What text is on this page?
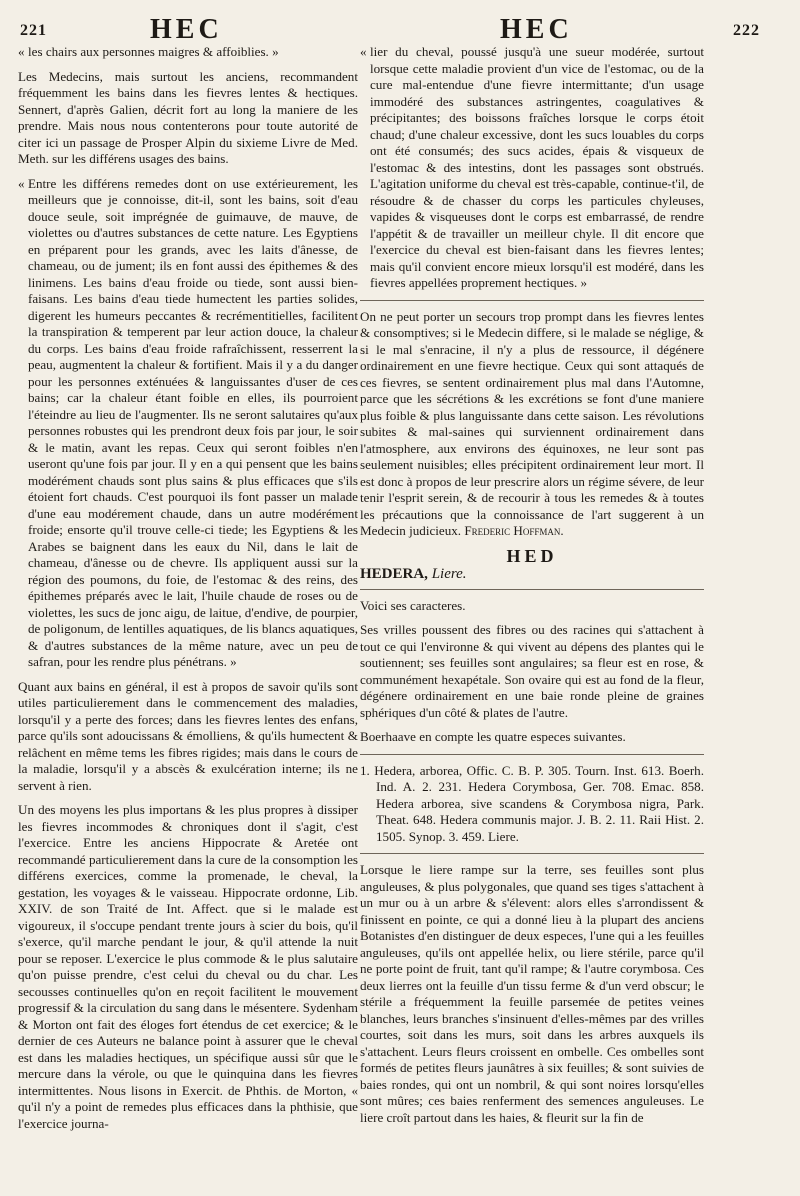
221	HEC	HEC	222

« les chairs aux personnes maigres & affoiblies. »

Les Medecins, mais surtout les anciens, recommandent fréquemment les bains dans les fievres lentes & hectiques. Sennert, d'après Galien, décrit fort au long la maniere de les prendre. Mais nous nous contenterons pour toute autorité de citer ici un passage de Prosper Alpin du sixieme Livre de Med. Meth. sur les différens usages des bains.

« Entre les différens remedes dont on use extérieurement, les meilleurs que je connoisse, dit-il, sont les bains, soit d'eau douce seule, soit imprégnée de guimauve, de mauve, de violettes ou d'autres substances de cette nature. Les Egyptiens en préparent pour les grands, avec les laits d'ânesse, de chameau, ou de jument; ils en font aussi des épithemes & des linimens. Les bains d'eau froide ou tiede, sont aussi bien-faisans. Les bains d'eau tiede humectent les parties solides, digerent les humeurs peccantes & recrémentitielles, facilitent la transpiration & temperent par leur action douce, la chaleur du corps. Les bains d'eau froide rafraîchissent, resserrent la peau, augmentent la chaleur & fortifient. Mais il y a du danger pour les personnes exténuées & languissantes d'user de ces bains; car la chaleur étant foible en elles, ils pourroient l'éteindre au lieu de l'augmenter. Ils ne seront salutaires qu'aux personnes robustes qui les prendront deux fois par jour, le soir & le matin, avant les repas. Ceux qui seront foibles n'en useront qu'une fois par jour. Il y en a qui pensent que les bains modérément chauds sont plus sains & plus efficaces que s'ils étoient fort chauds. C'est pourquoi ils font passer un malade d'une eau modérement chaude, dans un autre modérément froide; ensorte qu'il trouve celle-ci tiede; les Egyptiens & les Arabes se baignent dans les eaux du Nil, dans le lait de chameau, d'ânesse ou de chevre. Ils appliquent aussi sur la région des poumons, du foie, de l'estomac & des reins, des épithemes préparés avec le lait, l'huile chaude de roses ou de violettes, les sucs de jonc aigu, de laitue, d'endive, de pourpier, de poligonum, de lentilles aquatiques, de lis blancs aquatiques, & d'autres substances de la même nature, avec un peu de safran, pour les rendre plus pénétrans. »

Quant aux bains en général, il est à propos de savoir qu'ils sont utiles particulierement dans le commencement des maladies, lorsqu'il y a perte des forces; dans les fievres lentes des enfans, parce qu'ils sont adoucissans & émolliens, & qu'ils humectent & relâchent en même tems les fibres rigides; mais dans le cours de la maladie, lorsqu'il y a abscès & exulcération interne; ils ne servent à rien.

Un des moyens les plus importans & les plus propres à dissiper les fievres incommodes & chroniques dont il s'agit, c'est l'exercice. Entre les anciens Hippocrate & Aretée ont recommandé particulierement dans la cure de la consomption les différens exercices, comme la promenade, le cheval, la gestation, les voyages & le vaisseau. Hippocrate ordonne, Lib. XXIV. de son Traité de Int. Affect. que si le malade est vigoureux, il s'occupe pendant trente jours à scier du bois, qu'il s'exerce, qu'il marche pendant le jour, & qu'il attende la nuit pour se reposer. L'exercice le plus commode & le plus salutaire qu'on puisse prendre, c'est celui du cheval ou du char. Les secousses continuelles qu'on en reçoit facilitent le mouvement progressif & la circulation du sang dans le mésentere. Sydenham & Morton ont fait des éloges fort étendus de cet exercice; & le dernier de ces Auteurs ne balance point à assurer que le cheval est dans les maladies hectiques, un spécifique aussi sûr que le mercure dans la vérole, ou que le quinquina dans les fievres intermittentes. Nous lisons in Exercit. de Phthis. de Morton, « qu'il n'y a point de remedes plus efficaces dans la phthisie, que l'exercice journa-

« lier du cheval, poussé jusqu'à une sueur modérée, surtout lorsque cette maladie provient d'un vice de l'estomac, ou de la cure mal-entendue d'une fievre intermittante; d'un usage immodéré des substances astringentes, coagulatives & précipitantes; des boissons fraîches lorsque le corps étoit chaud; d'une chaleur excessive, dont les sucs louables du corps ont été consumés; des sucs acides, épais & visqueux de l'estomac & des intestins, dont les passages sont obstrués. L'agitation uniforme du cheval est très-capable, continue-t'il, de résoudre & de chasser du corps les particules chyleuses, vapides & visqueuses dont le corps est embarrassé, de rendre l'appétit & de travailler un meilleur chyle. Il dit encore que l'exercice du cheval est bien-faisant dans les fievres lentes; mais qu'il convient encore mieux lorsqu'il est modéré, dans les fievres appellées proprement hectiques. »

On ne peut porter un secours trop prompt dans les fievres lentes & consomptives; si le Medecin differe, si le malade se néglige, & si le mal s'enracine, il n'y a plus de ressource, il dégénere ordinairement en une fievre hectique. Ceux qui sont attaqués de ces fievres, se sentent ordinairement plus mal dans l'Automne, parce que les sécrétions & les excrétions se font d'une maniere plus foible & plus languissante dans cette saison. Les révolutions subites & mal-saines qui surviennent ordinairement dans l'atmosphere, aux environs des équinoxes, ne leur sont pas seulement nuisibles; elles précipitent ordinairement leur mort. Il est donc à propos de leur prescrire alors un régime sévere, de leur tenir l'esprit serein, & de recourir à tous les remedes & à toutes les précautions que la connoissance de l'art suggerent à un Medecin judicieux. Frederic Hoffman.

HED
HEDERA, Liere.

Voici ses caracteres.

Ses vrilles poussent des fibres ou des racines qui s'attachent à tout ce qui l'environne & qui vivent au dépens des plantes qui le soutiennent; ses feuilles sont angulaires; sa fleur est en rose, & communément hexapétale. Son ovaire qui est au fond de la fleur, dégénere ordinairement en une baie ronde pleine de graines sphériques d'un côté & plates de l'autre.

Boerhaave en compte les quatre especes suivantes.

1. Hedera, arborea, Offic. C. B. P. 305. Tourn. Inst. 613. Boerh. Ind. A. 2. 231. Hedera Corymbosa, Ger. 708. Emac. 858. Hedera arborea, sive scandens & Corymbosa nigra, Park. Theat. 648. Hedera communis major. J. B. 2. 11. Raii Hist. 2. 1505. Synop. 3. 459. Liere.

Lorsque le liere rampe sur la terre, ses feuilles sont plus anguleuses, & plus polygonales, que quand ses tiges s'attachent à un mur ou à un arbre & s'élevent: alors elles s'arrondissent & finissent en pointe, ce qui a donné lieu à la plupart des anciens Botanistes d'en distinguer de deux especes, l'une qui a les feuilles anguleuses, qu'ils ont appellée helix, ou liere stérile, parce qu'il ne porte point de fruit, tant qu'il rampe; & l'autre corymbosa. Ces deux lierres ont la feuille d'un tissu ferme & d'un verd obscur; le stérile a fréquemment la feuille parsemée de petites veines blanches, leurs branches s'insinuent d'elles-mêmes par des vrilles courtes, soit dans les murs, soit dans les arbres auxquels ils s'attachent. Leurs fleurs croissent en ombelle. Ces ombelles sont formés de petites fleurs jaunâtres à six feuilles; & sont suivies de baies rondes, qui ont un nombril, & qui sont noires lorsqu'elles sont mûres; ces baies renferment des semences anguleuses. Le liere croît partout dans les haies, & fleurit sur la fin de
